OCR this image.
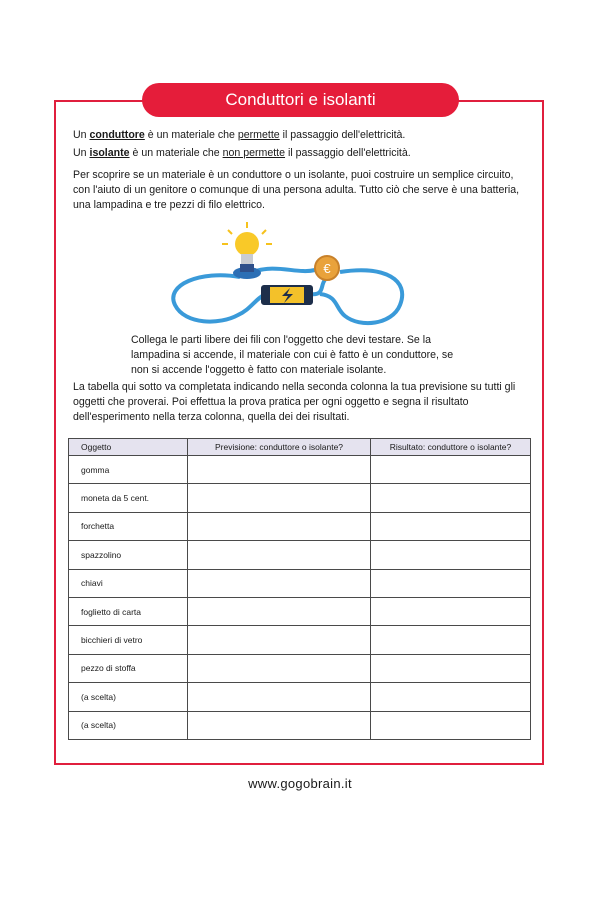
Conduttori e isolanti

Un conduttore è un materiale che permette il passaggio dell'elettricità.

Un isolante è un materiale che non permette il passaggio dell'elettricità.

Per scoprire se un materiale è un conduttore o un isolante, puoi costruire un semplice circuito, con l'aiuto di un genitore o comunque di una persona adulta. Tutto ciò che serve è una batteria, una lampadina e tre pezzi di filo elettrico.

€

Collega le parti libere dei fili con l'oggetto che devi testare. Se la lampadina si accende, il materiale con cui è fatto è un conduttore, se non si accende l'oggetto è fatto con materiale isolante.

La tabella qui sotto va completata indicando nella seconda colonna la tua previsione su tutti gli oggetti che proverai. Poi effettua la prova pratica per ogni oggetto e segna il risultato dell'esperimento nella terza colonna, quella dei dei risultati.

Oggetto	Previsione: conduttore o isolante?	Risultato: conduttore o isolante?
gomma		
moneta da 5 cent.		
forchetta		
spazzolino		
chiavi		
foglietto di carta		
bicchieri di vetro		
pezzo di stoffa		
(a scelta)		
(a scelta)		
www.gogobrain.it
